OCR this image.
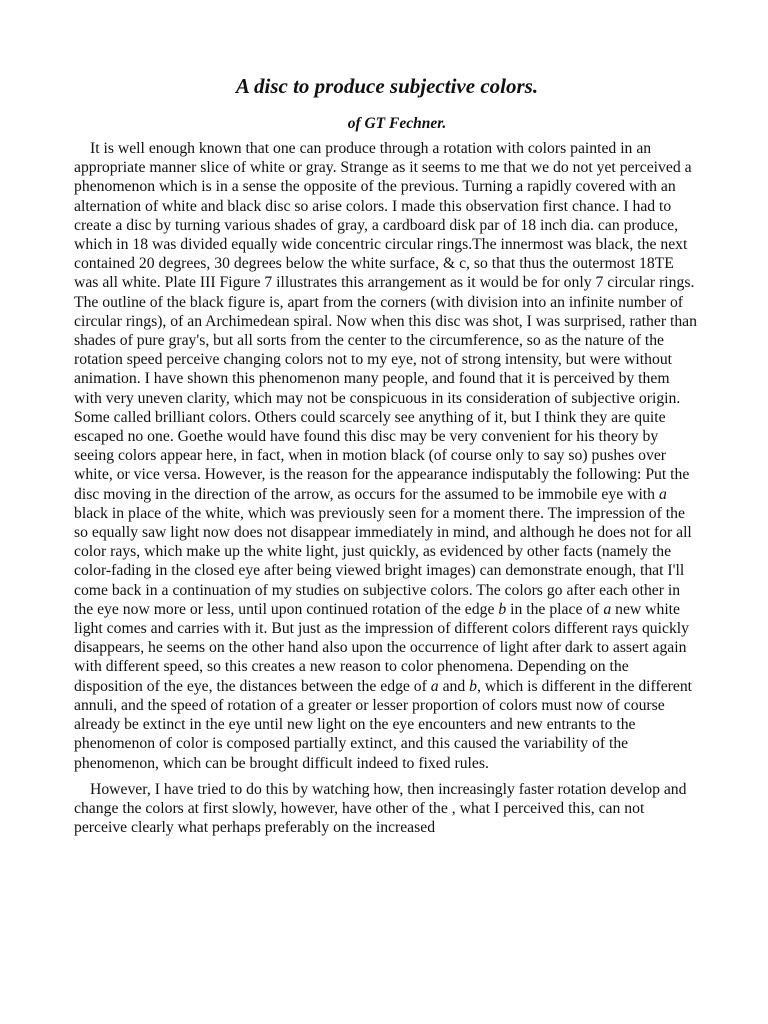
A disc to produce subjective colors.
of GT Fechner.

It is well enough known that one can produce through a rotation with colors painted in an appropriate manner slice of white or gray. Strange as it seems to me that we do not yet perceived a phenomenon which is in a sense the opposite of the previous. Turning a rapidly covered with an alternation of white and black disc so arise colors. I made this observation first chance. I had to create a disc by turning various shades of gray, a cardboard disk par of 18 inch dia. can produce, which in 18 was divided equally wide concentric circular rings.The innermost was black, the next contained 20 degrees, 30 degrees below the white surface, & c, so that thus the outermost 18TE was all white. Plate III Figure 7 illustrates this arrangement as it would be for only 7 circular rings. The outline of the black figure is, apart from the corners (with division into an infinite number of circular rings), of an Archimedean spiral. Now when this disc was shot, I was surprised, rather than shades of pure gray's, but all sorts from the center to the circumference, so as the nature of the rotation speed perceive changing colors not to my eye, not of strong intensity, but were without animation. I have shown this phenomenon many people, and found that it is perceived by them with very uneven clarity, which may not be conspicuous in its consideration of subjective origin. Some called brilliant colors. Others could scarcely see anything of it, but I think they are quite escaped no one. Goethe would have found this disc may be very convenient for his theory by seeing colors appear here, in fact, when in motion black (of course only to say so) pushes over white, or vice versa. However, is the reason for the appearance indisputably the following: Put the disc moving in the direction of the arrow, as occurs for the assumed to be immobile eye with a black in place of the white, which was previously seen for a moment there. The impression of the so equally saw light now does not disappear immediately in mind, and although he does not for all color rays, which make up the white light, just quickly, as evidenced by other facts (namely the color-fading in the closed eye after being viewed bright images) can demonstrate enough, that I'll come back in a continuation of my studies on subjective colors. The colors go after each other in the eye now more or less, until upon continued rotation of the edge b in the place of a new white light comes and carries with it. But just as the impression of different colors different rays quickly disappears, he seems on the other hand also upon the occurrence of light after dark to assert again with different speed, so this creates a new reason to color phenomena. Depending on the disposition of the eye, the distances between the edge of a and b, which is different in the different annuli, and the speed of rotation of a greater or lesser proportion of colors must now of course already be extinct in the eye until new light on the eye encounters and new entrants to the phenomenon of color is composed partially extinct, and this caused the variability of the phenomenon, which can be brought difficult indeed to fixed rules.

However, I have tried to do this by watching how, then increasingly faster rotation develop and change the colors at first slowly, however, have other of the , what I perceived this, can not perceive clearly what perhaps preferably on the increased
